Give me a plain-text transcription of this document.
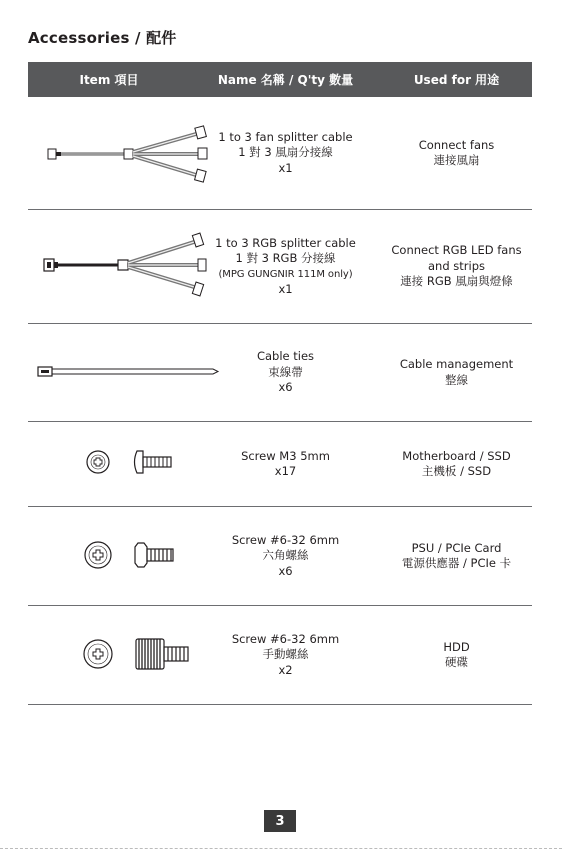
Accessories / 配件
Item 項目	Name 名稱 / Q'ty 數量	Used for 用途
1 to 3 fan splitter cable
1 對 3 風扇分接線
x1
Connect fans
連接風扇
1 to 3 RGB splitter cable
1 對 3 RGB 分接線
(MPG GUNGNIR 111M only)
x1
Connect RGB LED fans
and strips
連接 RGB 風扇與燈條
Cable ties
束線帶
x6
Cable management
整線
Screw M3 5mm
x17
Motherboard / SSD
主機板 / SSD
Screw #6-32 6mm
六角螺絲
x6
PSU / PCIe Card
電源供應器 / PCIe 卡
Screw #6-32 6mm
手動螺絲
x2
HDD
硬碟
3
